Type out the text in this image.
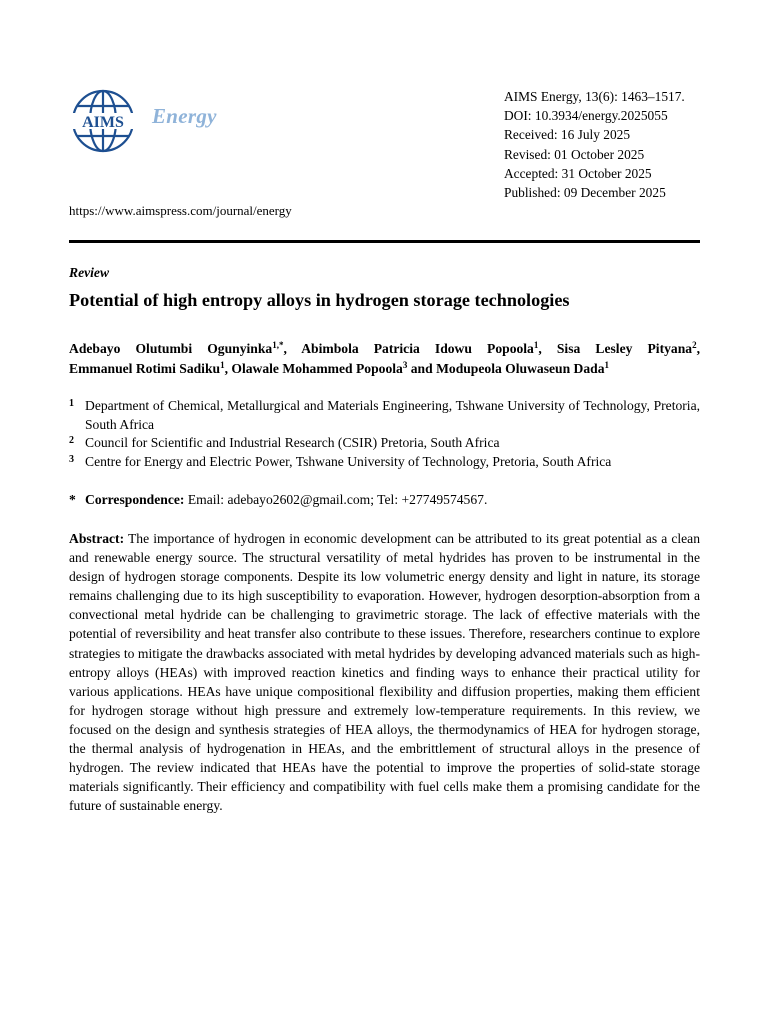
AIMS Energy
AIMS Energy, 13(6): 1463–1517.
DOI: 10.3934/energy.2025055
Received: 16 July 2025
Revised: 01 October 2025
Accepted: 31 October 2025
Published: 09 December 2025
https://www.aimspress.com/journal/energy
Review
Potential of high entropy alloys in hydrogen storage technologies
Adebayo Olutumbi Ogunyinka$^{1,*}$, Abimbola Patricia Idowu Popoola$^1$, Sisa Lesley Pityana$^2$,
Emmanuel Rotimi Sadiku$^1$, Olawale Mohammed Popoola$^3$ and Modupeola Oluwaseun Dada$^1$
1 Department of Chemical, Metallurgical and Materials Engineering, Tshwane University of Technology, Pretoria, South Africa
2 Council for Scientific and Industrial Research (CSIR) Pretoria, South Africa
3 Centre for Energy and Electric Power, Tshwane University of Technology, Pretoria, South Africa
* Correspondence: Email: adebayo2602@gmail.com; Tel: +27749574567.

Abstract: The importance of hydrogen in economic development can be attributed to its great potential as a clean and renewable energy source. The structural versatility of metal hydrides has proven to be instrumental in the design of hydrogen storage components. Despite its low volumetric energy density and light in nature, its storage remains challenging due to its high susceptibility to evaporation. However, hydrogen desorption-absorption from a convectional metal hydride can be challenging to gravimetric storage. The lack of effective materials with the potential of reversibility and heat transfer also contribute to these issues. Therefore, researchers continue to explore strategies to mitigate the drawbacks associated with metal hydrides by developing advanced materials such as high-entropy alloys (HEAs) with improved reaction kinetics and finding ways to enhance their practical utility for various applications. HEAs have unique compositional flexibility and diffusion properties, making them efficient for hydrogen storage without high pressure and extremely low-temperature requirements. In this review, we focused on the design and synthesis strategies of HEA alloys, the thermodynamics of HEA for hydrogen storage, the thermal analysis of hydrogenation in HEAs, and the embrittlement of structural alloys in the presence of hydrogen. The review indicated that HEAs have the potential to improve the properties of solid-state storage materials significantly. Their efficiency and compatibility with fuel cells make them a promising candidate for the future of sustainable energy.
